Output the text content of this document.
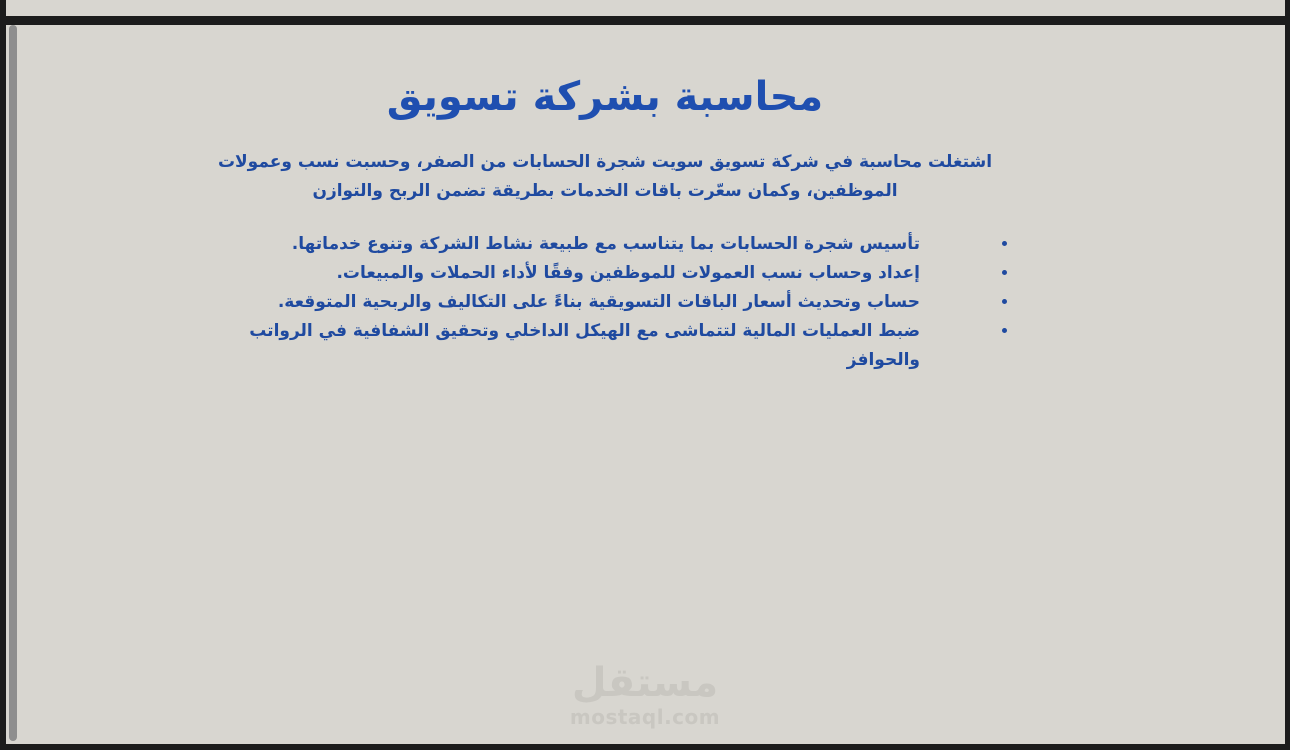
محاسبة بشركة تسويق

اشتغلت محاسبة في شركة تسويق سويت شجرة الحسابات من الصفر، وحسبت نسب وعمولات الموظفين، وكمان سعّرت باقات الخدمات بطريقة تضمن الربح والتوازن

• تأسيس شجرة الحسابات بما يتناسب مع طبيعة نشاط الشركة وتنوع خدماتها.
• إعداد وحساب نسب العمولات للموظفين وفقًا لأداء الحملات والمبيعات.
• حساب وتحديث أسعار الباقات التسويقية بناءً على التكاليف والربحية المتوقعة.
• ضبط العمليات المالية لتتماشى مع الهيكل الداخلي وتحقيق الشفافية في الرواتب والحوافز
مستقل
mostaql.com
